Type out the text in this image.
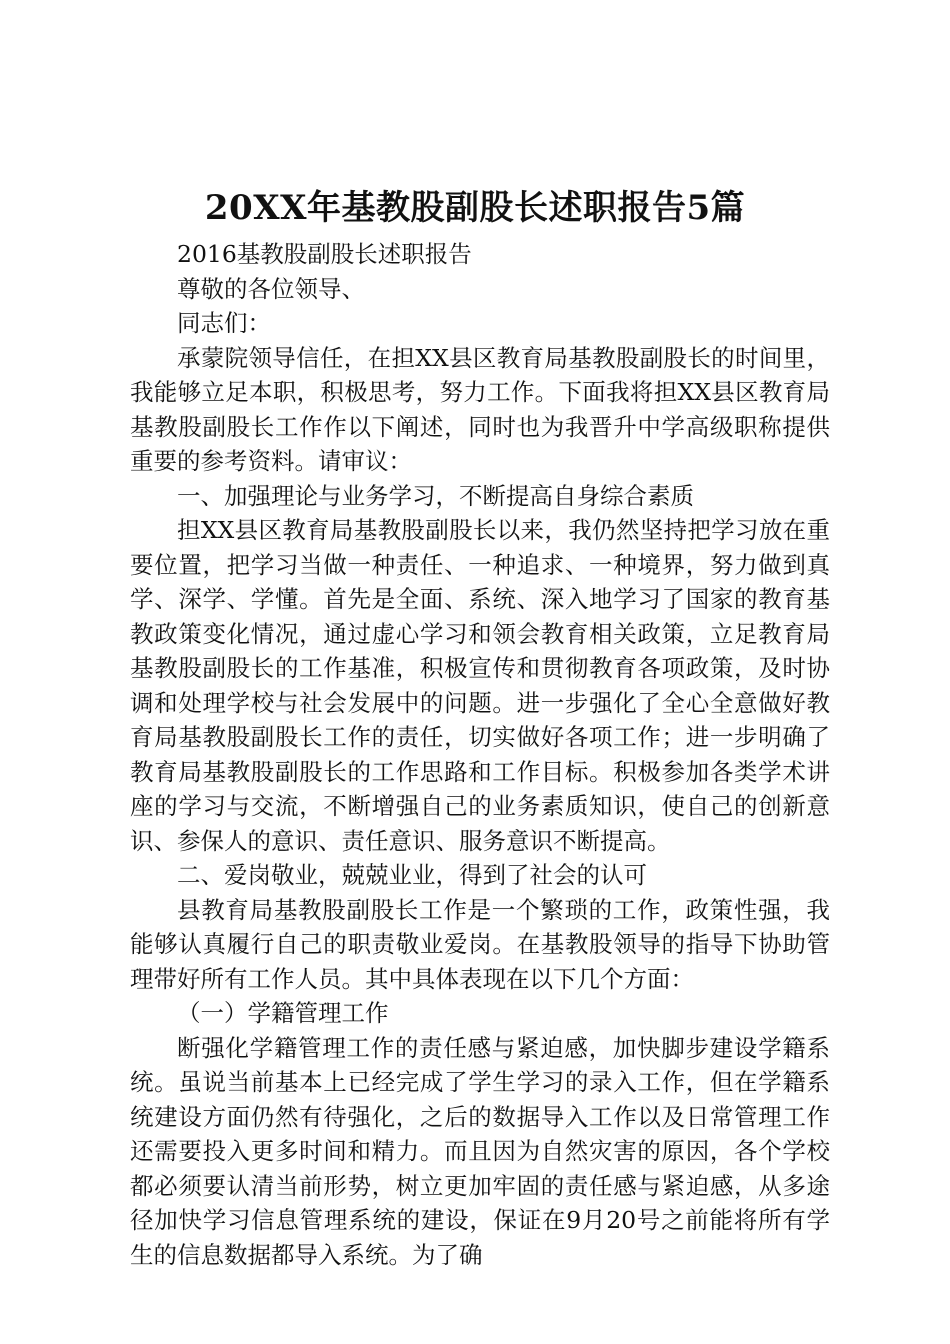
20XX年基教股副股长述职报告5篇

2016基教股副股长述职报告

尊敬的各位领导、

同志们：

承蒙院领导信任，在担XX县区教育局基教股副股长的时间里，我能够立足本职，积极思考，努力工作。下面我将担XX县区教育局基教股副股长工作作以下阐述，同时也为我晋升中学高级职称提供重要的参考资料。请审议：

一、加强理论与业务学习，不断提高自身综合素质

担XX县区教育局基教股副股长以来，我仍然坚持把学习放在重要位置，把学习当做一种责任、一种追求、一种境界，努力做到真学、深学、学懂。首先是全面、系统、深入地学习了国家的教育基教政策变化情况，通过虚心学习和领会教育相关政策，立足教育局基教股副股长的工作基准，积极宣传和贯彻教育各项政策，及时协调和处理学校与社会发展中的问题。进一步强化了全心全意做好教育局基教股副股长工作的责任，切实做好各项工作；进一步明确了教育局基教股副股长的工作思路和工作目标。积极参加各类学术讲座的学习与交流，不断增强自己的业务素质知识，使自己的创新意识、参保人的意识、责任意识、服务意识不断提高。

二、爱岗敬业，兢兢业业，得到了社会的认可

县教育局基教股副股长工作是一个繁琐的工作，政策性强，我能够认真履行自己的职责敬业爱岗。在基教股领导的指导下协助管理带好所有工作人员。其中具体表现在以下几个方面：

（一）学籍管理工作

断强化学籍管理工作的责任感与紧迫感，加快脚步建设学籍系统。虽说当前基本上已经完成了学生学习的录入工作，但在学籍系统建设方面仍然有待强化，之后的数据导入工作以及日常管理工作还需要投入更多时间和精力。而且因为自然灾害的原因，各个学校都必须要认清当前形势，树立更加牢固的责任感与紧迫感，从多途径加快学习信息管理系统的建设，保证在9月20号之前能将所有学生的信息数据都导入系统。为了确
